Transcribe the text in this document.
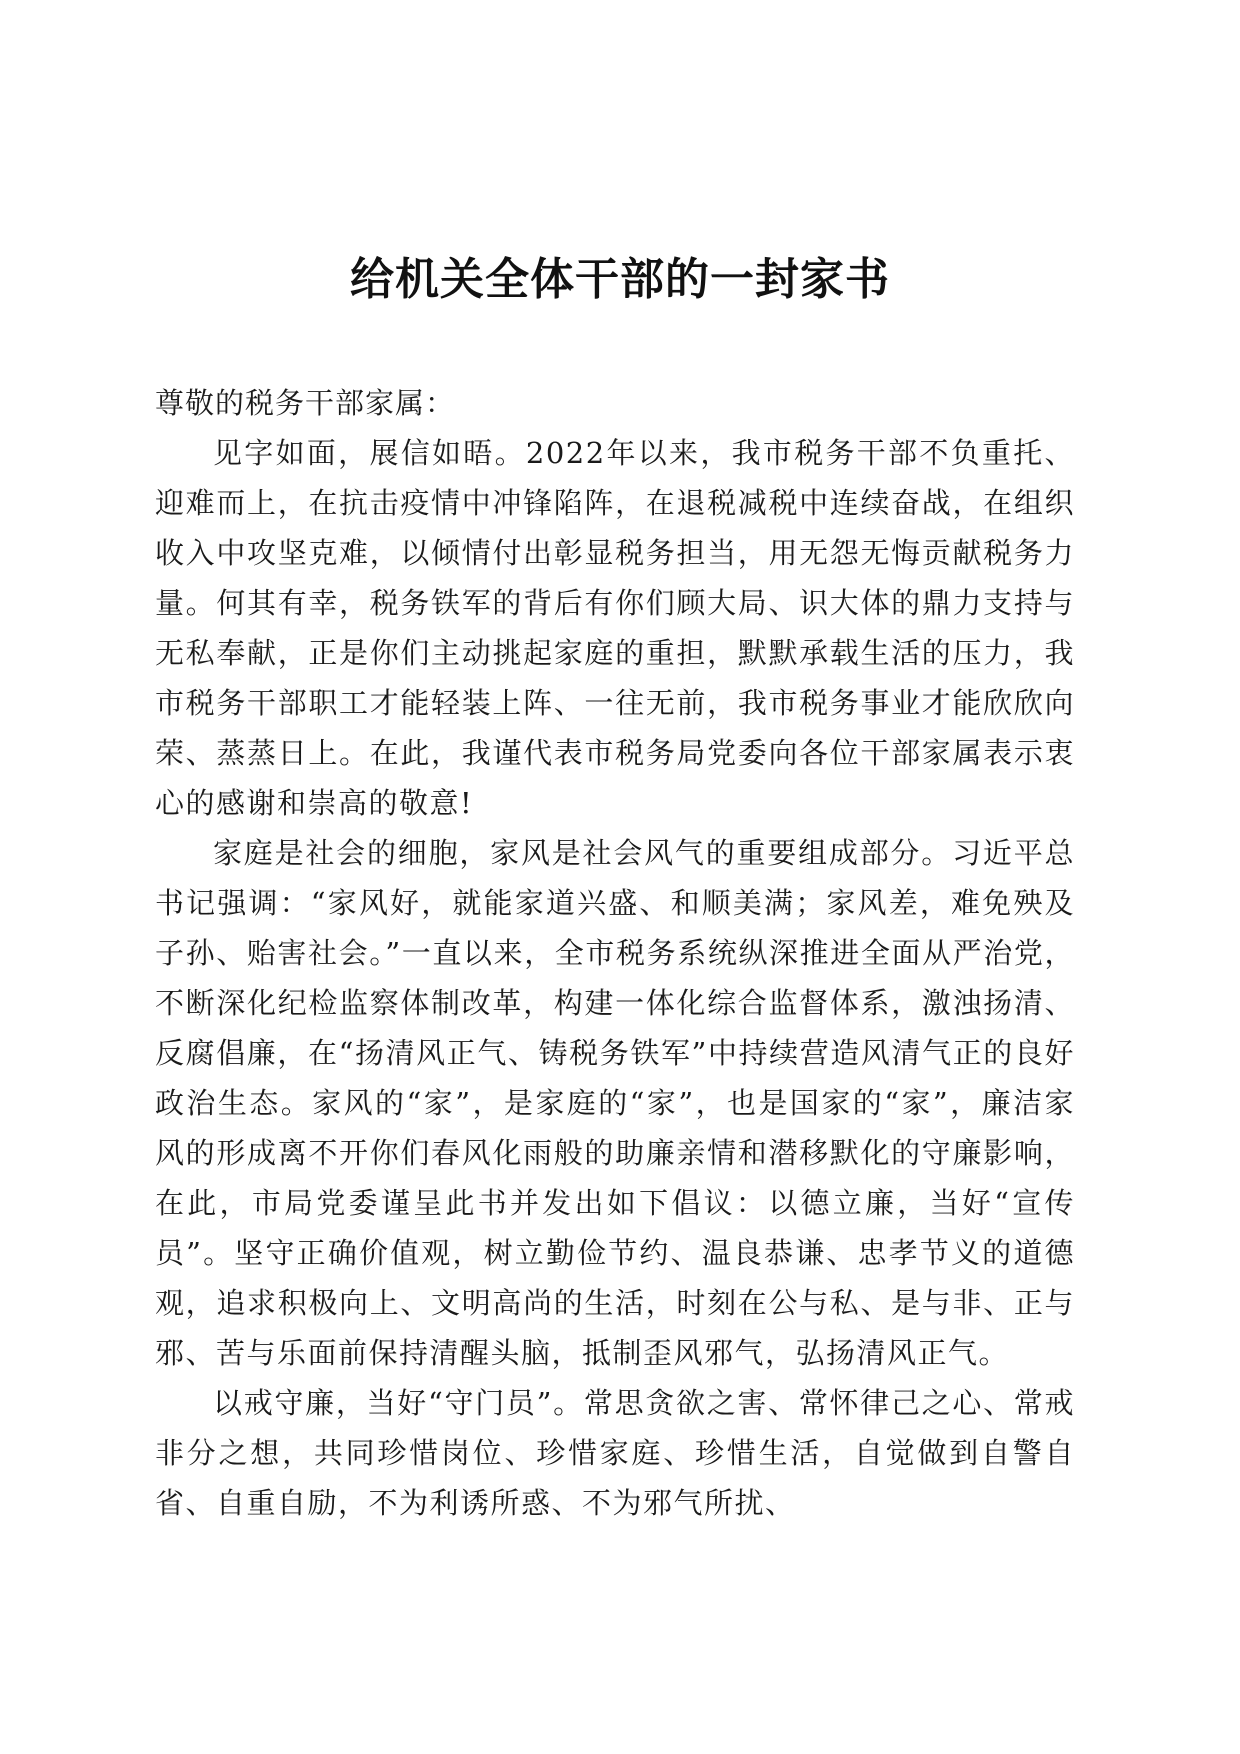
给机关全体干部的一封家书

尊敬的税务干部家属：

见字如面，展信如晤。2022年以来，我市税务干部不负重托、迎难而上，在抗击疫情中冲锋陷阵，在退税减税中连续奋战，在组织收入中攻坚克难，以倾情付出彰显税务担当，用无怨无悔贡献税务力量。何其有幸，税务铁军的背后有你们顾大局、识大体的鼎力支持与无私奉献，正是你们主动挑起家庭的重担，默默承载生活的压力，我市税务干部职工才能轻装上阵、一往无前，我市税务事业才能欣欣向荣、蒸蒸日上。在此，我谨代表市税务局党委向各位干部家属表示衷心的感谢和崇高的敬意!

家庭是社会的细胞，家风是社会风气的重要组成部分。习近平总书记强调：“家风好，就能家道兴盛、和顺美满；家风差，难免殃及子孙、贻害社会。”一直以来，全市税务系统纵深推进全面从严治党，不断深化纪检监察体制改革，构建一体化综合监督体系，激浊扬清、反腐倡廉，在“扬清风正气、铸税务铁军”中持续营造风清气正的良好政治生态。家风的“家”，是家庭的“家”，也是国家的“家”，廉洁家风的形成离不开你们春风化雨般的助廉亲情和潜移默化的守廉影响，在此，市局党委谨呈此书并发出如下倡议：以德立廉，当好“宣传员”。坚守正确价值观，树立勤俭节约、温良恭谦、忠孝节义的道德观，追求积极向上、文明高尚的生活，时刻在公与私、是与非、正与邪、苦与乐面前保持清醒头脑，抵制歪风邪气，弘扬清风正气。

以戒守廉，当好“守门员”。常思贪欲之害、常怀律己之心、常戒非分之想，共同珍惜岗位、珍惜家庭、珍惜生活，自觉做到自警自省、自重自励，不为利诱所惑、不为邪气所扰、
